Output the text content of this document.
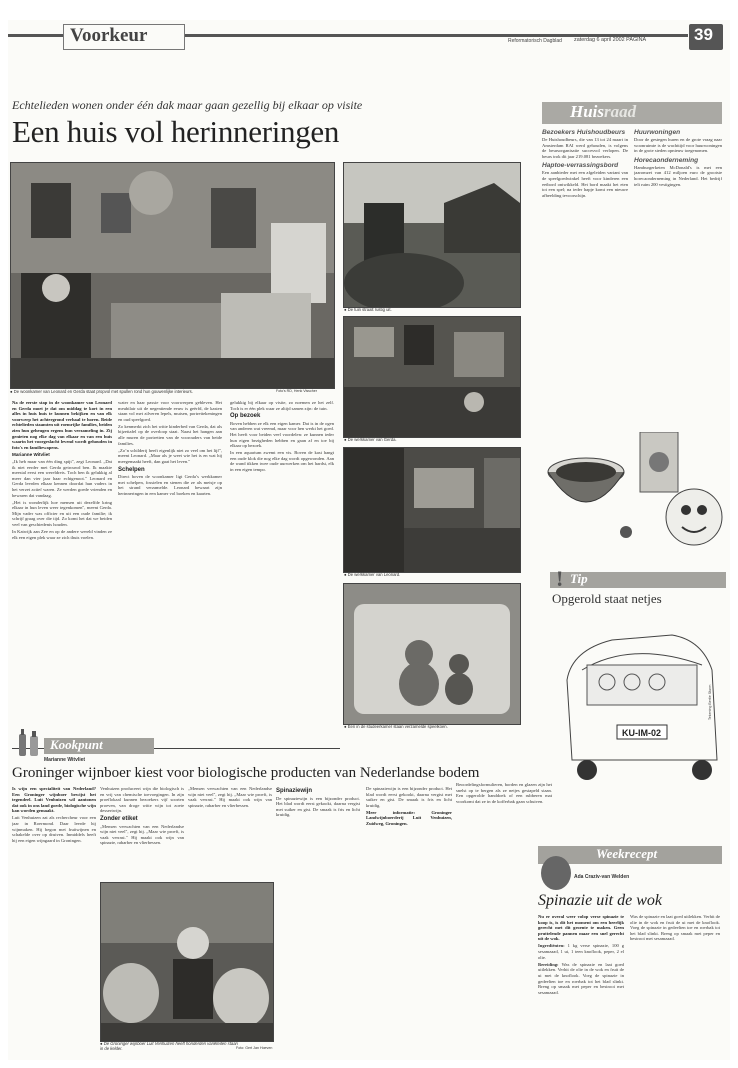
Voorkeur	Reformatorisch Dagblad zaterdag 6 april 2002 PAGINA	39
Echtelieden wonen onder één dak maar gaan gezellig bij elkaar op visite
Een huis vol herinneringen
● De woonkamer van Leonard en Gerda staat propvol met spullen rond hun gouwenlijke interieurs.	Foto's RD, Henk Visscher
● De tuin straalt rustig uit.
● De werkkamer van Gerda.
● De werkkamer van Leonard.
● Een in de studeerkamer staan verzamelde speelkoen.

Na de eerste stap in de woonkamer van Leonard en Gerda moet je dat om middag te kort in een alles in huis huis te kunnen bekijken en van elk voorwerp het achtergrond verhaal te horen. Beide echtelieden staamten uit roemrijke families, beiden zien hun geheugen ergens hun verzameling in. Zij genieten nog elke dag van elkaar en van een huis waarin het voorgeslacht levend wordt gehouden in foto's en familiewapens.

Marianne Witvliet

„Ik heb maar van één ding spijt", zegt Leonard. „Dat ik niet eerder met Gerda getrouwd ben. Ik maakte meestal eerst een wereldreis. Toch ben ik gelukkig al meer dan vier jaar haar echtgenoot." Leonard en Gerda leerden elkaar kennen doordat hun vaders in het verzet actief waren. Ze werden goede vrienden en bewaren dat vandaag.

„Het is wonderlijk hoe mensen uit dezelfde kring elkaar in hun leven weer tegenkomen", meent Gerda. Mijn vader was officier en uit een oude familie; ik schrijf graag over die tijd. Zo komt het dat we beiden veel van geschiedenis houden.

In Katwijk aan Zee en op de andere wereld vinden ze elk een eigen plek waar ze zich thuis voelen.

water en haar passie voor voorwerpen gebleven. Het meubilair uit de negentiende eeuw is geërfd, de kasten staan vol met zilveren lepels, mutsen, portrettekeningen en oud speelgoed.

Zo kenmerkt zich het witte kinderbed van Gerda, dat als bijzettafel op de overloop staat. Naast het hangen aan alle muren de portretten van de voorouders van beide families.

„Zo’n schilderij heeft eigenlijk niet zo veel om het lijf", meent Leonard. „Maar als je weet wie het is en wat hij meegemaakt heeft, dan gaat het leven."

Schelpen

Direct boven de woonkamer ligt Gerda’s werkkamer met schelpen, fossielen en stenen die ze als meisje op het strand verzamelde. Leonard bewaart zijn herinneringen in een kamer vol boeken en kaarten.

gelukkig bij elkaar op visite, zo noemen ze het zelf. Toch is er één plek waar ze altijd samen zijn: de tuin.

Op bezoek

Boven hebben ze elk een eigen kamer. Dat is in de ogen van anderen wat vreemd, maar voor hen werkt het goed. Het heeft voor beiden veel voordelen: ze kunnen ieder hun eigen bezigheden hebben en gaan af en toe bij elkaar op bezoek.

In een aquarium zwemt een vis. Boven de kast hangt een oude klok die nog elke dag wordt opgewonden. Aan de wand tikken twee oude uurwerken om het hardst, elk in een eigen tempo.

Huisraad
Bezoekers Huishoudbeurs

De Huishoudbeurs, die van 13 tot 24 maart in Amsterdam RAI werd gehouden, is volgens de beursorganisatie succesvol verlopen. De beurs trok dit jaar 219.081 bezoekers.

Haptoe-verrassingsbord

Een aanbieder met een afgeleiden variant van de speelgoedwinkel heeft voor kinderen een eetbord ontwikkeld. Het bord maakt het eten tot een spel; na ieder hapje komt een nieuwe afbeelding tevoorschijn.

Huurwoningen

Door de gestegen huren en de grote vraag naar woonruimte is de wachttijd voor huurwoningen in de grote steden opnieuw toegenomen.

Horecaonderneming

Hamburgerketen McDonald's is met een jaaromzet van 412 miljoen euro de grootste horecaonderneming in Nederland. Het bedrijf telt ruim 200 vestigingen.

! Tip
Opgerold staat netjes
KU-IM-02
Tekening Bertie Sturm
Kookpunt
Marianne Witvliet
Groninger wijnboer kiest voor biologische producten van Nederlandse bodem

Is wijn een specialiteit van Nederland? Een Groninger wijnboer bewijst het tegendeel. Luit Venhuizen wil aantonen dat ook in ons land goede, biologische wijn kan worden gemaakt.

Luit Venhuizen zat als rechercheur voor een jaar in Roermond. Daar leerde hij wijnmaken. Hij begon met fruitwijnen en schakelde over op druiven. Inmiddels heeft hij een eigen wijngaard in Groningen.

Venhuizen produceert wijn die biologisch is en vrij van chemische toevoegingen. In zijn proeflokaal kunnen bezoekers vijf soorten proeven, van droge witte wijn tot zoete dessertwijn.

Zonder etiket

„Mensen verwachten van een Nederlandse wijn niet veel", zegt hij. „Maar wie proeft, is vaak verrast." Hij maakt ook wijn van spinazie, rabarber en vlierbessen.

„Mensen verwachten van een Nederlandse wijn niet veel", zegt hij. „Maar wie proeft, is vaak verrast." Hij maakt ook wijn van spinazie, rabarber en vlierbessen.

Spinaziewijn

De spinaziewijn is een bijzonder product. Het blad wordt eerst gekookt, daarna vergist met suiker en gist. De smaak is fris en licht kruidig.

De spinaziewijn is een bijzonder product. Het blad wordt eerst gekookt, daarna vergist met suiker en gist. De smaak is fris en licht kruidig.

Meer informatie: Groninger Landwijnboerderij Luit Venhuizen, Zuidweg, Groningen.

● De Groninger wijnboer Luit Venhuizen heeft honderden variëteiten staan in de kelder.	Foto: Gert Jan Hoeven
Beoordelingsformulieren, borden en glazen zijn het snelst op te bergen als ze netjes gestapeld staan. Een opgerolde handdoek of een rubberen mat voorkomt dat ze in de kofferbak gaan schuiven.
Weekrecept
Ada Craziv-van Welden
Spinazie uit de wok

Nu er overal weer volop verse spinazie te koop is, is dit het moment om een heerlijk gerecht met dit groente te maken. Geen pruttelende pannen maar een snel gerecht uit de wok.

Ingrediënten: 1 kg verse spinazie, 100 g sesamzaad, 1 ui, 1 teen knoflook, peper, 2 el olie.

Bereiding: Was de spinazie en laat goed uitlekken. Verhit de olie in de wok en fruit de ui met de knoflook. Voeg de spinazie in gedeelten toe en roerbak tot het blad slinkt. Breng op smaak met peper en bestrooi met sesamzaad.

Was de spinazie en laat goed uitlekken. Verhit de olie in de wok en fruit de ui met de knoflook. Voeg de spinazie in gedeelten toe en roerbak tot het blad slinkt. Breng op smaak met peper en bestrooi met sesamzaad.
